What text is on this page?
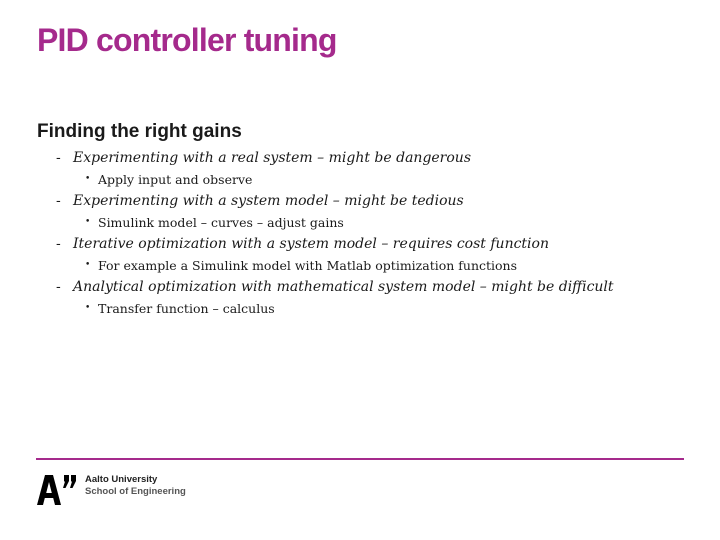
PID controller tuning
Finding the right gains
- Experimenting with a real system – might be dangerous
• Apply input and observe
- Experimenting with a system model – might be tedious
• Simulink model – curves – adjust gains
- Iterative optimization with a system model – requires cost function
• For example a Simulink model with Matlab optimization functions
- Analytical optimization with mathematical system model – might be difficult
• Transfer function – calculus
Aalto University
School of Engineering
